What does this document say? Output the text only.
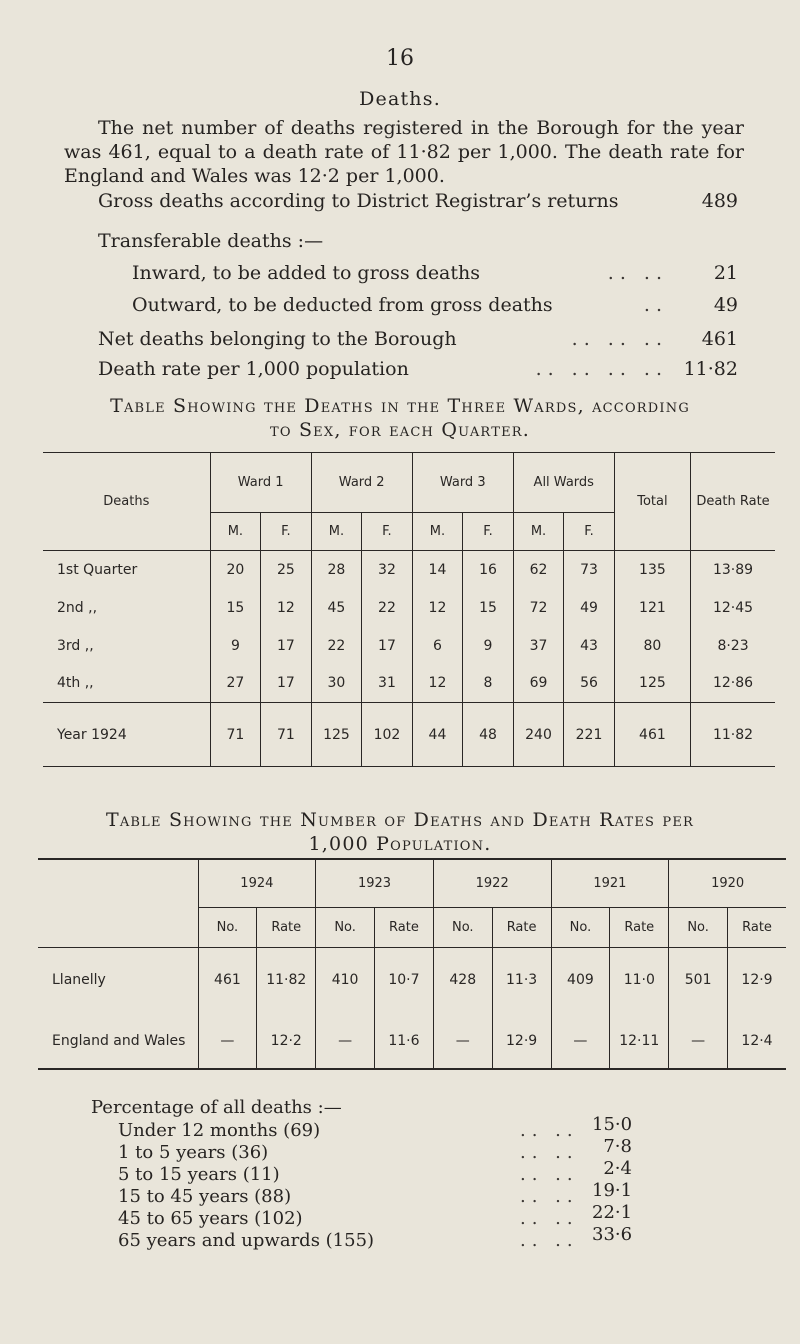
16
Deaths.
The net number of deaths registered in the Borough for the year was 461, equal to a death rate of 11·82 per 1,000. The death rate for England and Wales was 12·2 per 1,000.
Gross deaths according to District Registrar’s returns	489
Transferable deaths :—
Inward, to be added to gross deaths	.. ..	21
Outward, to be deducted from gross deaths	..	49
Net deaths belonging to the Borough	.. .. ..	461
Death rate per 1,000 population	.. .. .. .. 11·82
Table Showing the Deaths in the Three Wards, according
to Sex, for each Quarter.
Deaths	Ward 1		Ward 2		Ward 3		All Wards		Total	Death Rate
	M.	F.	M.	F.	M.	F.	M.	F.		
1st Quarter	20	25	28	32	14	16	62	73	135	13·89
2nd ,,	15	12	45	22	12	15	72	49	121	12·45
3rd ,,	9	17	22	17	6	9	37	43	80	8·23
4th ,,	27	17	30	31	12	8	69	56	125	12·86
Year 1924	71	71	125	102	44	48	240	221	461	11·82
Table Showing the Number of Deaths and Death Rates per
1,000 Population.
	1924		1923		1922		1921		1920	
	No.	Rate	No.	Rate	No.	Rate	No.	Rate	No.	Rate
Llanelly	461	11·82	410	10·7	428	11·3	409	11·0	501	12·9
England and Wales	—	12·2	—	11·6	—	12·9	—	12·11	—	12·4
Percentage of all deaths :—
Under 12 months (69)	.. .. 15·0
1 to 5 years (36)	.. ..	7·8
5 to 15 years (11)	.. ..	2·4
15 to 45 years (88)	.. .. 19·1
45 to 65 years (102)	.. .. 22·1
65 years and upwards (155)	.. .. 33·6
